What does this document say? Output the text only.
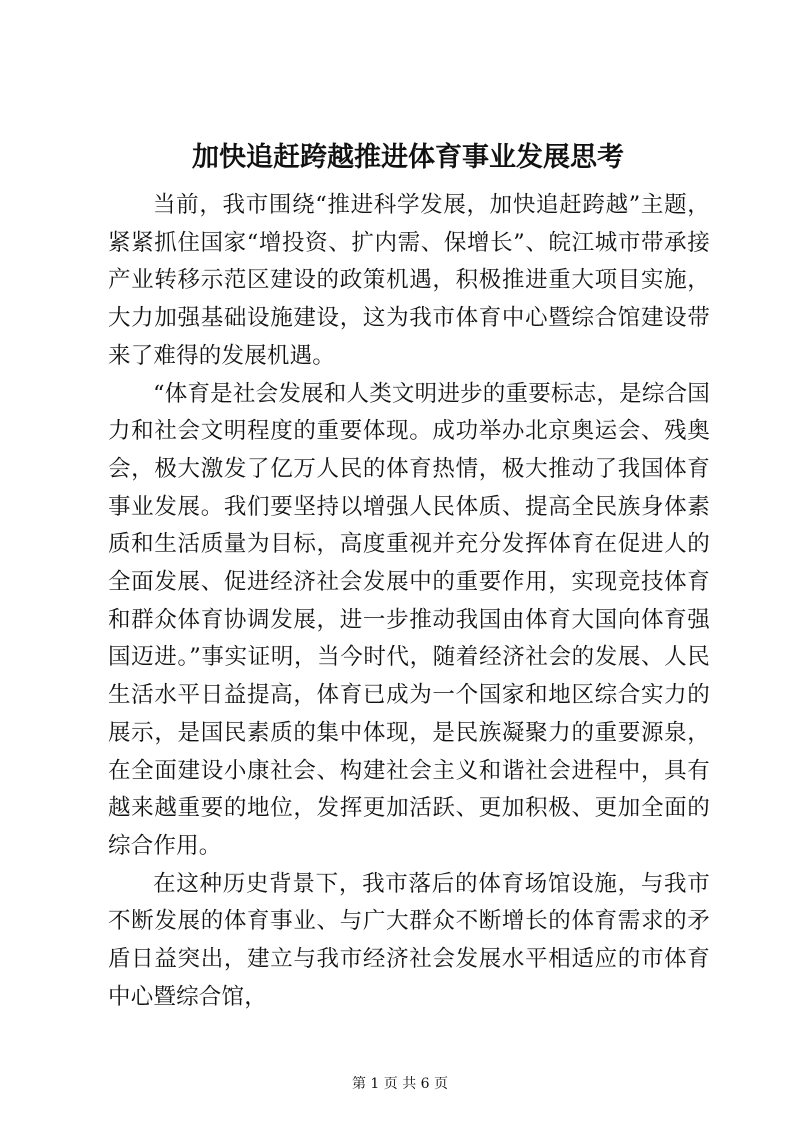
加快追赶跨越推进体育事业发展思考

当前，我市围绕“推进科学发展，加快追赶跨越”主题，紧紧抓住国家“增投资、扩内需、保增长”、皖江城市带承接产业转移示范区建设的政策机遇，积极推进重大项目实施，大力加强基础设施建设，这为我市体育中心暨综合馆建设带来了难得的发展机遇。

“体育是社会发展和人类文明进步的重要标志，是综合国力和社会文明程度的重要体现。成功举办北京奥运会、残奥会，极大激发了亿万人民的体育热情，极大推动了我国体育事业发展。我们要坚持以增强人民体质、提高全民族身体素质和生活质量为目标，高度重视并充分发挥体育在促进人的全面发展、促进经济社会发展中的重要作用，实现竞技体育和群众体育协调发展，进一步推动我国由体育大国向体育强国迈进。”事实证明，当今时代，随着经济社会的发展、人民生活水平日益提高，体育已成为一个国家和地区综合实力的展示，是国民素质的集中体现，是民族凝聚力的重要源泉，在全面建设小康社会、构建社会主义和谐社会进程中，具有越来越重要的地位，发挥更加活跃、更加积极、更加全面的综合作用。

在这种历史背景下，我市落后的体育场馆设施，与我市不断发展的体育事业、与广大群众不断增长的体育需求的矛盾日益突出，建立与我市经济社会发展水平相适应的市体育中心暨综合馆，

第 1 页 共 6 页
